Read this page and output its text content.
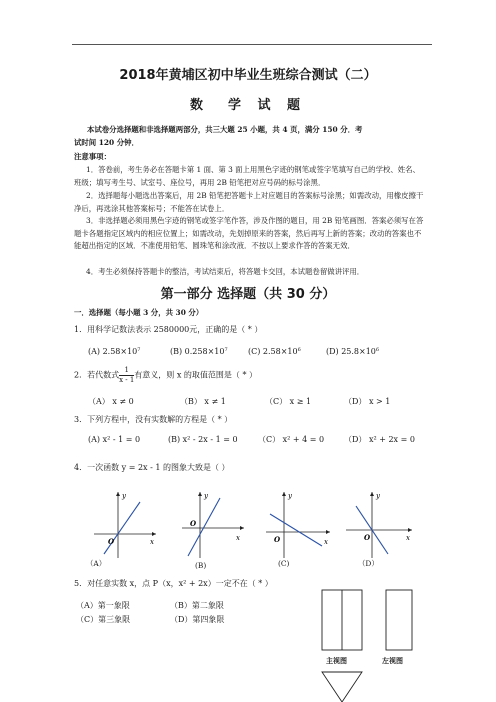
2018年黄埔区初中毕业生班综合测试（二）
数　学 试 题
本试卷分选择题和非选择题两部分，共三大题 25 小题，共 4 页，满分 150 分．考
试时间 120 分钟．
注意事项：
1．答卷前，考生务必在答题卡第 1 面、第 3 面上用黑色字迹的钢笔或签字笔填写自己的学校、姓名、班级；填写考生号、试室号、座位号，再用 2B 铅笔把对应号码的标号涂黑．
2．选择题每小题选出答案后，用 2B 铅笔把答题卡上对应题目的答案标号涂黑；如需改动，用橡皮擦干净后，再选涂其他答案标号；不能答在试卷上．
3．非选择题必须用黑色字迹的钢笔或签字笔作答，涉及作图的题目，用 2B 铅笔画图．答案必须写在答题卡各题指定区域内的相应位置上；如需改动，先划掉原来的答案，然后再写上新的答案；改动的答案也不能超出指定的区域．不准使用铅笔、圆珠笔和涂改液．不按以上要求作答的答案无效．
4．考生必须保持答题卡的整洁，考试结束后，将答题卡交回，本试题卷留做讲评用．
第一部分 选择题（共 30 分）
一．选择题（每小题 3 分，共 30 分）
1．用科学记数法表示 2580000元，正确的是（ * ）
(A) $2.58\times 10^7$	(B) $0.258\times 10^7$	(C) $2.58\times 10^6$	(D) $25.8\times 10^6$
2．若代数式 $\frac{1}{x - 1}$ 有意义，则 x 的取值范围是（ * ）
（A） x ≠ 0	（B） x ≠ 1	（C） x ≥ 1	（D） x > 1
3．下列方程中，没有实数解的方程是（ * ）
(A) x² - 1 = 0	(B) x² - 2x - 1 = 0	（C） x² + 4 = 0 （D） x² + 2x = 0
4．一次函数 y = 2x - 1 的图象大致是（ ）
y
x
O
（A）
y
x
O
(B)
y
x
O
(C)
y
x
O
（D）
5．对任意实数 x，点 P（x，x² + 2x）一定不在（ * ）
（A）第一象限	（B）第二象限
（C）第三象限	（D）第四象限
主视图	左视图
